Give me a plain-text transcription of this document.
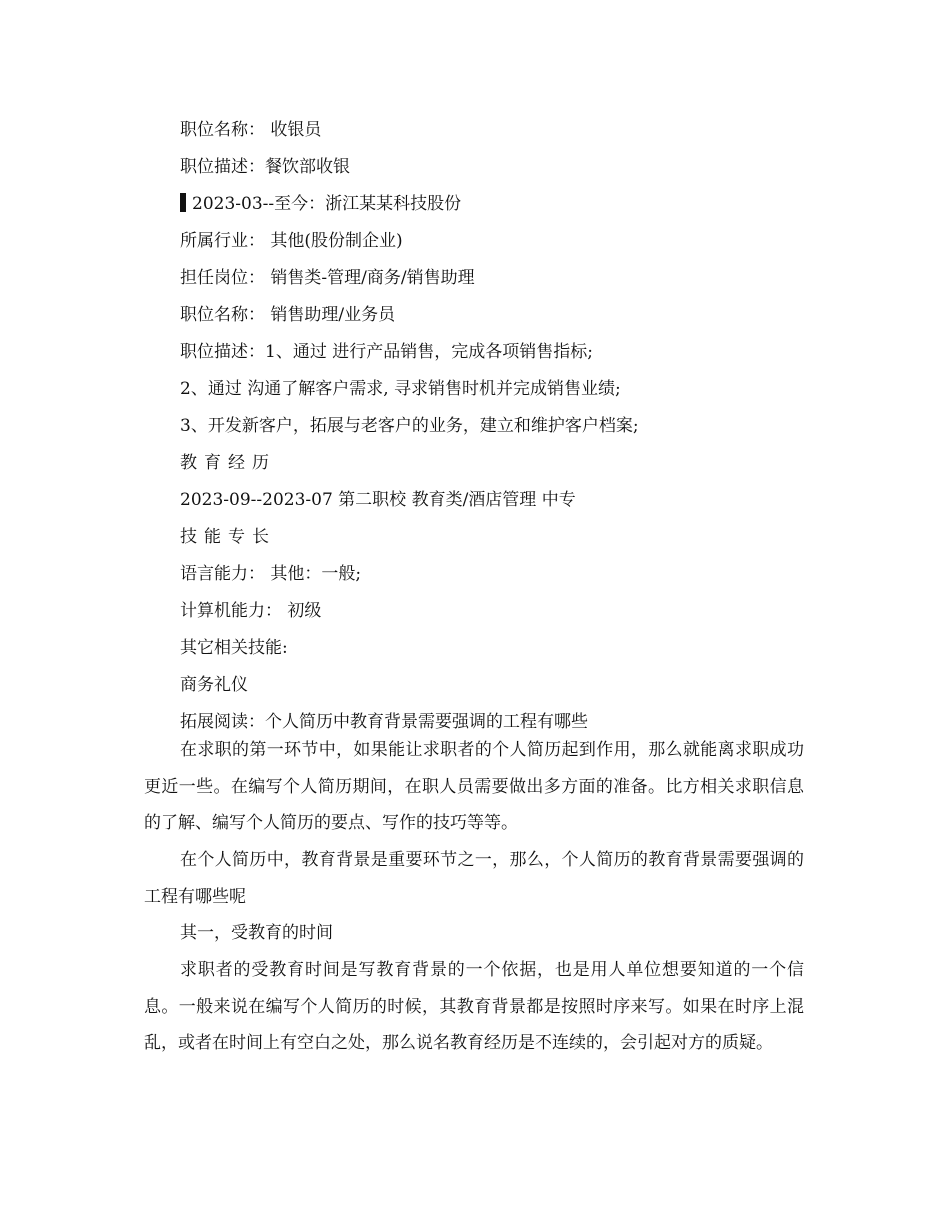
职位名称： 收银员
职位描述：餐饮部收银
2023-03--至今：浙江某某科技股份
所属行业： 其他(股份制企业)
担任岗位： 销售类-管理/商务/销售助理
职位名称： 销售助理/业务员
职位描述：1、通过 进行产品销售，完成各项销售指标;
2、通过 沟通了解客户需求, 寻求销售时机并完成销售业绩;
3、开发新客户，拓展与老客户的业务，建立和维护客户档案;
教育经历
2023-09--2023-07 第二职校 教育类/酒店管理 中专
技能专长
语言能力： 其他：一般;
计算机能力： 初级
其它相关技能:
商务礼仪
拓展阅读：个人简历中教育背景需要强调的工程有哪些

在求职的第一环节中，如果能让求职者的个人简历起到作用，那么就能离求职成功更近一些。在编写个人简历期间，在职人员需要做出多方面的准备。比方相关求职信息的了解、编写个人简历的要点、写作的技巧等等。

在个人简历中，教育背景是重要环节之一，那么，个人简历的教育背景需要强调的工程有哪些呢

其一，受教育的时间

求职者的受教育时间是写教育背景的一个依据，也是用人单位想要知道的一个信息。一般来说在编写个人简历的时候，其教育背景都是按照时序来写。如果在时序上混乱，或者在时间上有空白之处，那么说名教育经历是不连续的，会引起对方的质疑。
